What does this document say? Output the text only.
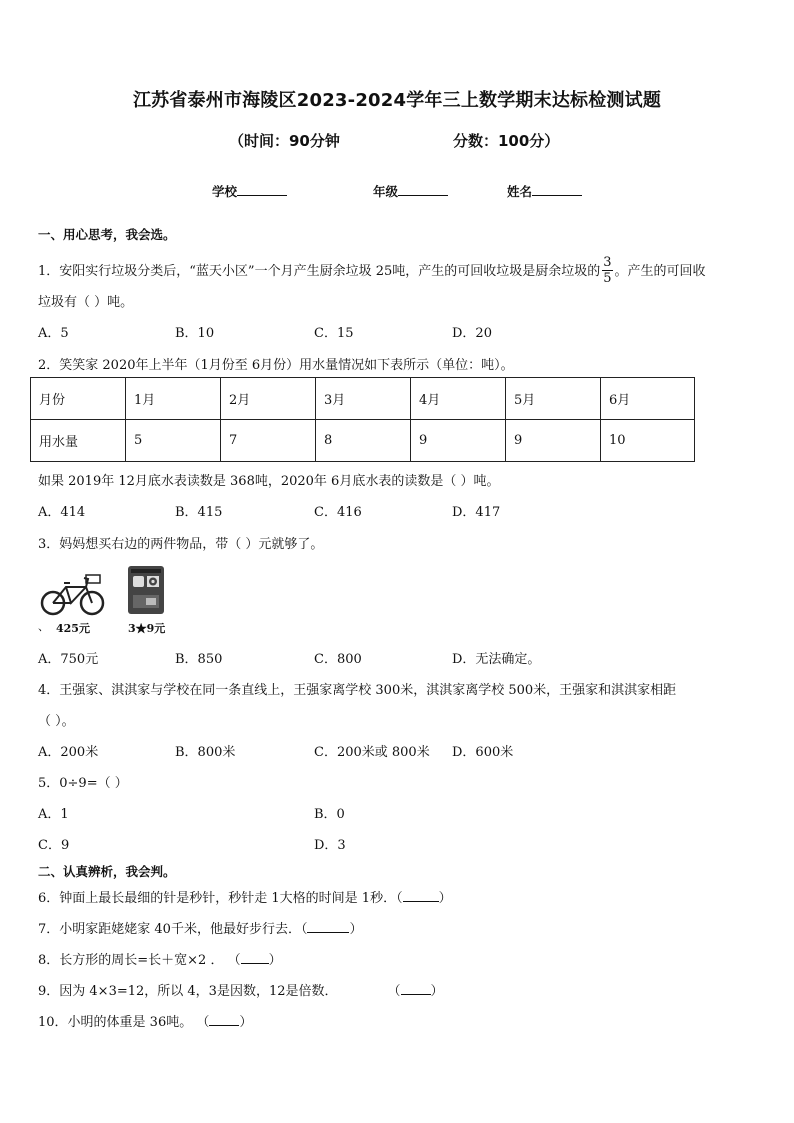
江苏省泰州市海陵区2023-2024学年三上数学期末达标检测试题
（时间：90分钟	分数：100分）
学校	年级	姓名
一、用心思考，我会选。
1．安阳实行垃圾分类后，“蓝天小区”一个月产生厨余垃圾 25吨，产生的可回收垃圾是厨余垃圾的 $\frac{3}{5}$ 。产生的可回收
垃圾有（ ）吨。
A．5	B．10	C．15	D．20
2．笑笑家 2020年上半年（1月份至 6月份）用水量情况如下表所示（单位：吨）。
月份	1月	2月	3月	4月	5月	6月
用水量	5	7	8	9	9	10
如果 2019年 12月底水表读数是 368吨，2020年 6月底水表的读数是（ ）吨。
A．414	B．415	C．416	D．417
3．妈妈想买右边的两件物品，带（ ）元就够了。
、 425元	3★9元
A．750元	B．850	C．800	D．无法确定。
4．王强家、淇淇家与学校在同一条直线上，王强家离学校 300米，淇淇家离学校 500米，王强家和淇淇家相距
（ ）。
A．200米	B．800米	C．200米或 800米 D．600米
5．0÷9=（ ）
A．1	B．0
C．9	D．3
二、认真辨析，我会判。
6．钟面上最长最细的针是秒针，秒针走 1大格的时间是 1秒．（	）
7．小明家距姥姥家 40千米，他最好步行去．（	）
8．长方形的周长=长＋宽×2 ． （ ）
9．因为 4×3=12，所以 4，3是因数，12是倍数．	（ ）
10．小明的体重是 36吨。 （ ）
